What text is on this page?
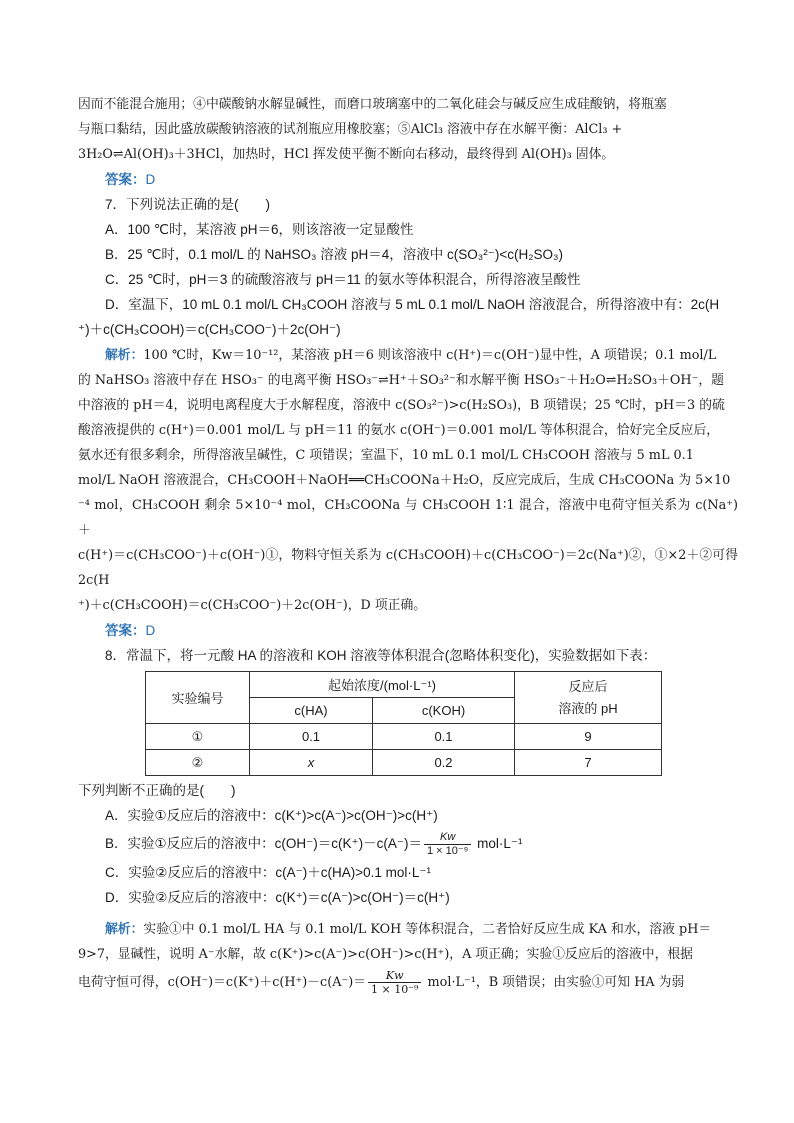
因而不能混合施用；④中碳酸钠水解显碱性，而磨口玻璃塞中的二氧化硅会与碱反应生成硅酸钠，将瓶塞

与瓶口黏结，因此盛放碳酸钠溶液的试剂瓶应用橡胶塞；⑤AlCl₃ 溶液中存在水解平衡：AlCl₃ +

3H₂O⇌Al(OH)₃＋3HCl，加热时，HCl 挥发使平衡不断向右移动，最终得到 Al(OH)₃ 固体。

答案：D

7．下列说法正确的是(　　)

A．100 ℃时，某溶液 pH＝6，则该溶液一定显酸性

B．25 ℃时，0.1 mol/L 的 NaHSO₃ 溶液 pH＝4，溶液中 c(SO₃²⁻)<c(H₂SO₃)

C．25 ℃时，pH＝3 的硫酸溶液与 pH＝11 的氨水等体积混合，所得溶液呈酸性

D．室温下，10 mL 0.1 mol/L CH₃COOH 溶液与 5 mL 0.1 mol/L NaOH 溶液混合，所得溶液中有：2c(H

⁺)＋c(CH₃COOH)＝c(CH₃COO⁻)＋2c(OH⁻)

解析：100 ℃时，Kw＝10⁻¹²，某溶液 pH＝6 则该溶液中 c(H⁺)＝c(OH⁻)显中性，A 项错误；0.1 mol/L

的 NaHSO₃ 溶液中存在 HSO₃⁻ 的电离平衡 HSO₃⁻⇌H⁺＋SO₃²⁻和水解平衡 HSO₃⁻＋H₂O⇌H₂SO₃＋OH⁻，题

中溶液的 pH＝4，说明电离程度大于水解程度，溶液中 c(SO₃²⁻)>c(H₂SO₃)，B 项错误；25 ℃时，pH＝3 的硫

酸溶液提供的 c(H⁺)＝0.001 mol/L 与 pH＝11 的氨水 c(OH⁻)＝0.001 mol/L 等体积混合，恰好完全反应后，

氨水还有很多剩余，所得溶液呈碱性，C 项错误；室温下，10 mL 0.1 mol/L CH₃COOH 溶液与 5 mL 0.1

mol/L NaOH 溶液混合，CH₃COOH＋NaOH══CH₃COONa＋H₂O，反应完成后，生成 CH₃COONa 为 5×10

⁻⁴ mol，CH₃COOH 剩余 5×10⁻⁴ mol，CH₃COONa 与 CH₃COOH 1∶1 混合，溶液中电荷守恒关系为 c(Na⁺)＋

c(H⁺)＝c(CH₃COO⁻)＋c(OH⁻)①，物料守恒关系为 c(CH₃COOH)＋c(CH₃COO⁻)＝2c(Na⁺)②，①×2＋②可得 2c(H

⁺)＋c(CH₃COOH)＝c(CH₃COO⁻)＋2c(OH⁻)，D 项正确。

答案：D

8．常温下，将一元酸 HA 的溶液和 KOH 溶液等体积混合(忽略体积变化)，实验数据如下表：

实验编号	起始浓度/(mol·L⁻¹)		反应后
溶液的 pH

	c(HA)	c(KOH)	
①	0.1	0.1	9
②	x	0.2	7

下列判断不正确的是(　　)

A．实验①反应后的溶液中：c(K⁺)>c(A⁻)>c(OH⁻)>c(H⁺)

B．实验①反应后的溶液中：$c(OH^-)=c(K^+)-c(A^-)= \frac{Kw}{\text{1 × 10⁻⁹}} mol\cdot L^{-1}$

C．实验②反应后的溶液中：c(A⁻)＋c(HA)>0.1 mol·L⁻¹

D．实验②反应后的溶液中：c(K⁺)＝c(A⁻)>c(OH⁻)＝c(H⁺)

解析：实验①中 0.1 mol/L HA 与 0.1 mol/L KOH 等体积混合，二者恰好反应生成 KA 和水，溶液 pH＝

9>7，显碱性，说明 A⁻水解，故 c(K⁺)>c(A⁻)>c(OH⁻)>c(H⁺)，A 项正确；实验①反应后的溶液中，根据

电荷守恒可得，$c(OH^-)=c(K^+)+c(H^+)-c(A^-)= \frac{Kw}{\text{1 × 10⁻⁹}} mol\cdot L^{-1}$，B 项错误；由实验①可知 HA 为弱
